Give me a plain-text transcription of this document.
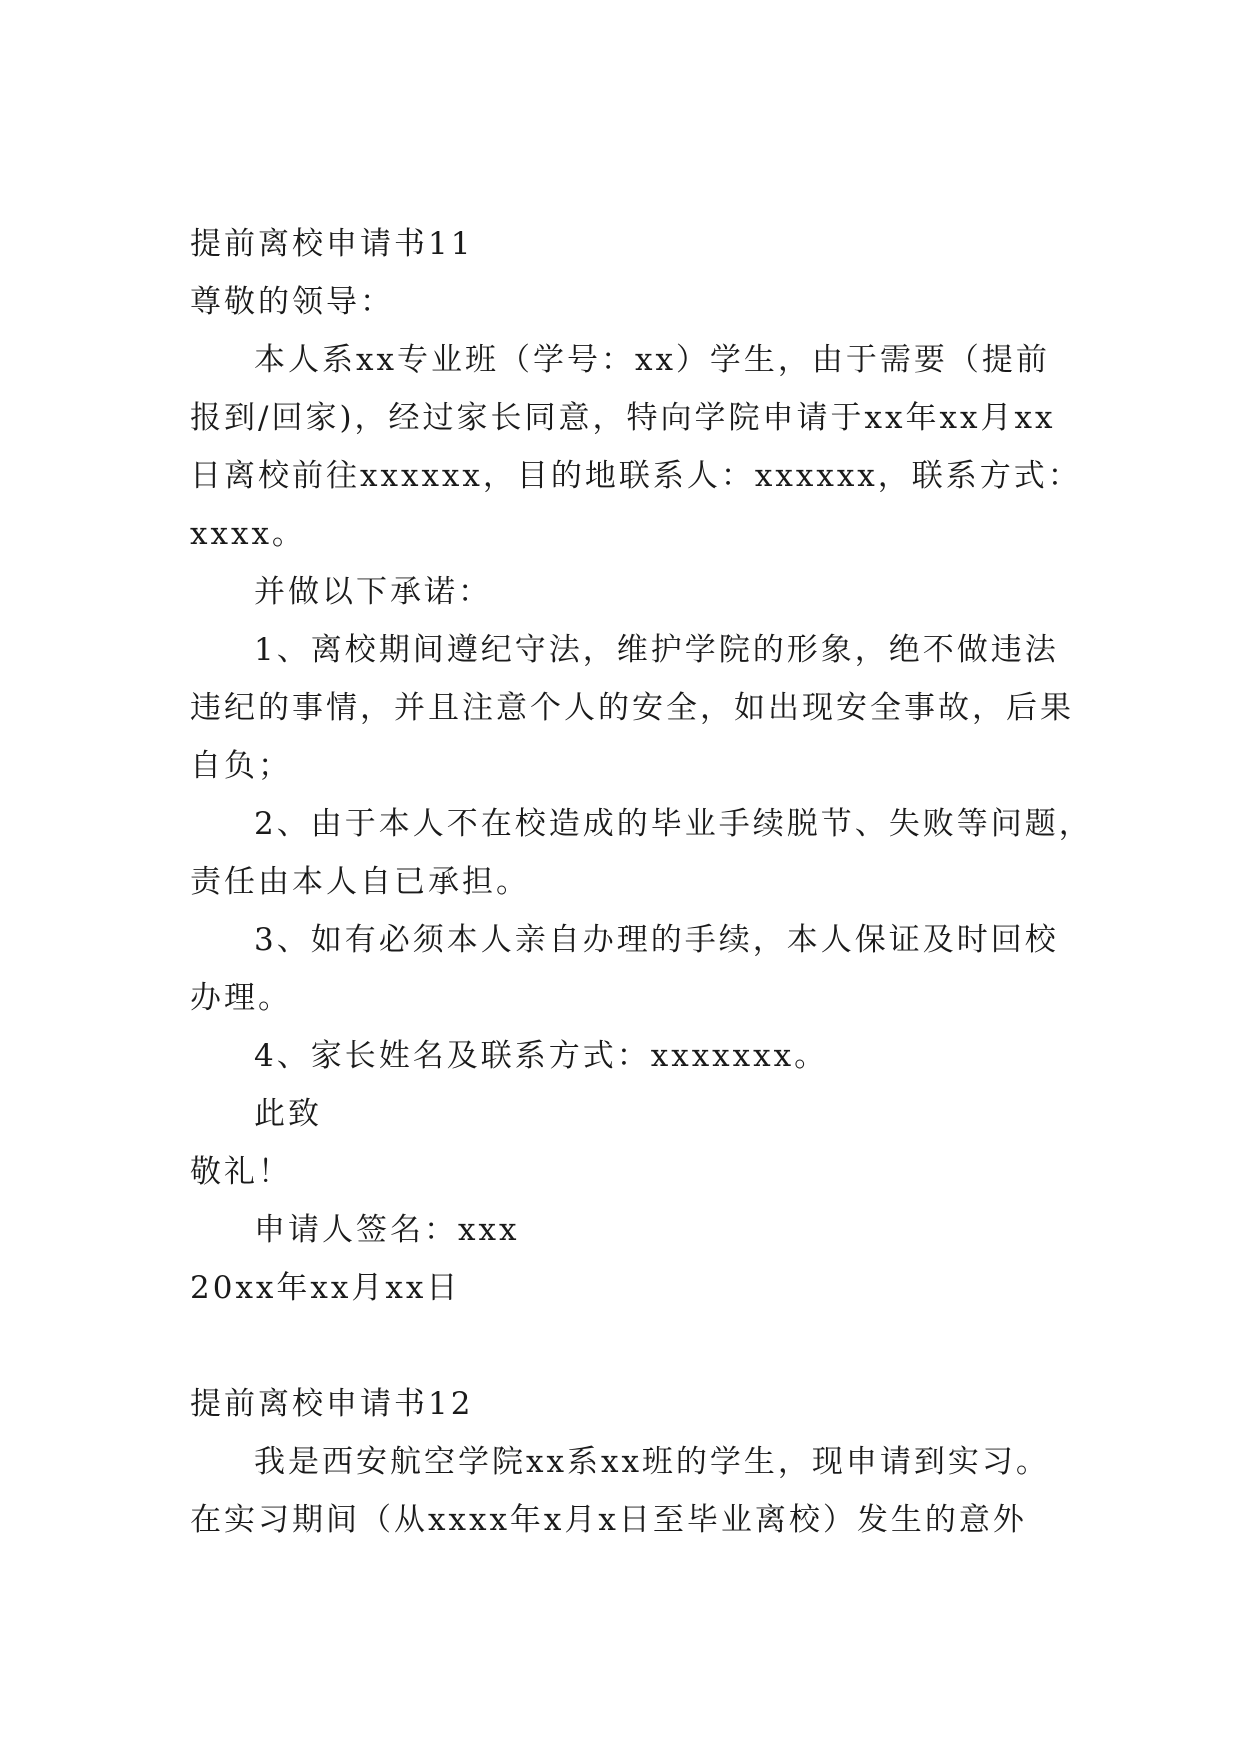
提前离校申请书11
尊敬的领导：
本人系xx专业班（学号：xx）学生，由于需要（提前
报到/回家)，经过家长同意，特向学院申请于xx年xx月xx
日离校前往xxxxxx，目的地联系人：xxxxxx，联系方式：
xxxx。
并做以下承诺：
1、离校期间遵纪守法，维护学院的形象，绝不做违法
违纪的事情，并且注意个人的安全，如出现安全事故，后果
自负；
2、由于本人不在校造成的毕业手续脱节、失败等问题，
责任由本人自已承担。
3、如有必须本人亲自办理的手续，本人保证及时回校
办理。
4、家长姓名及联系方式：xxxxxxx。
此致
敬礼！
申请人签名：xxx
20xx年xx月xx日
提前离校申请书12
我是西安航空学院xx系xx班的学生，现申请到实习。
在实习期间（从xxxx年x月x日至毕业离校）发生的意外
